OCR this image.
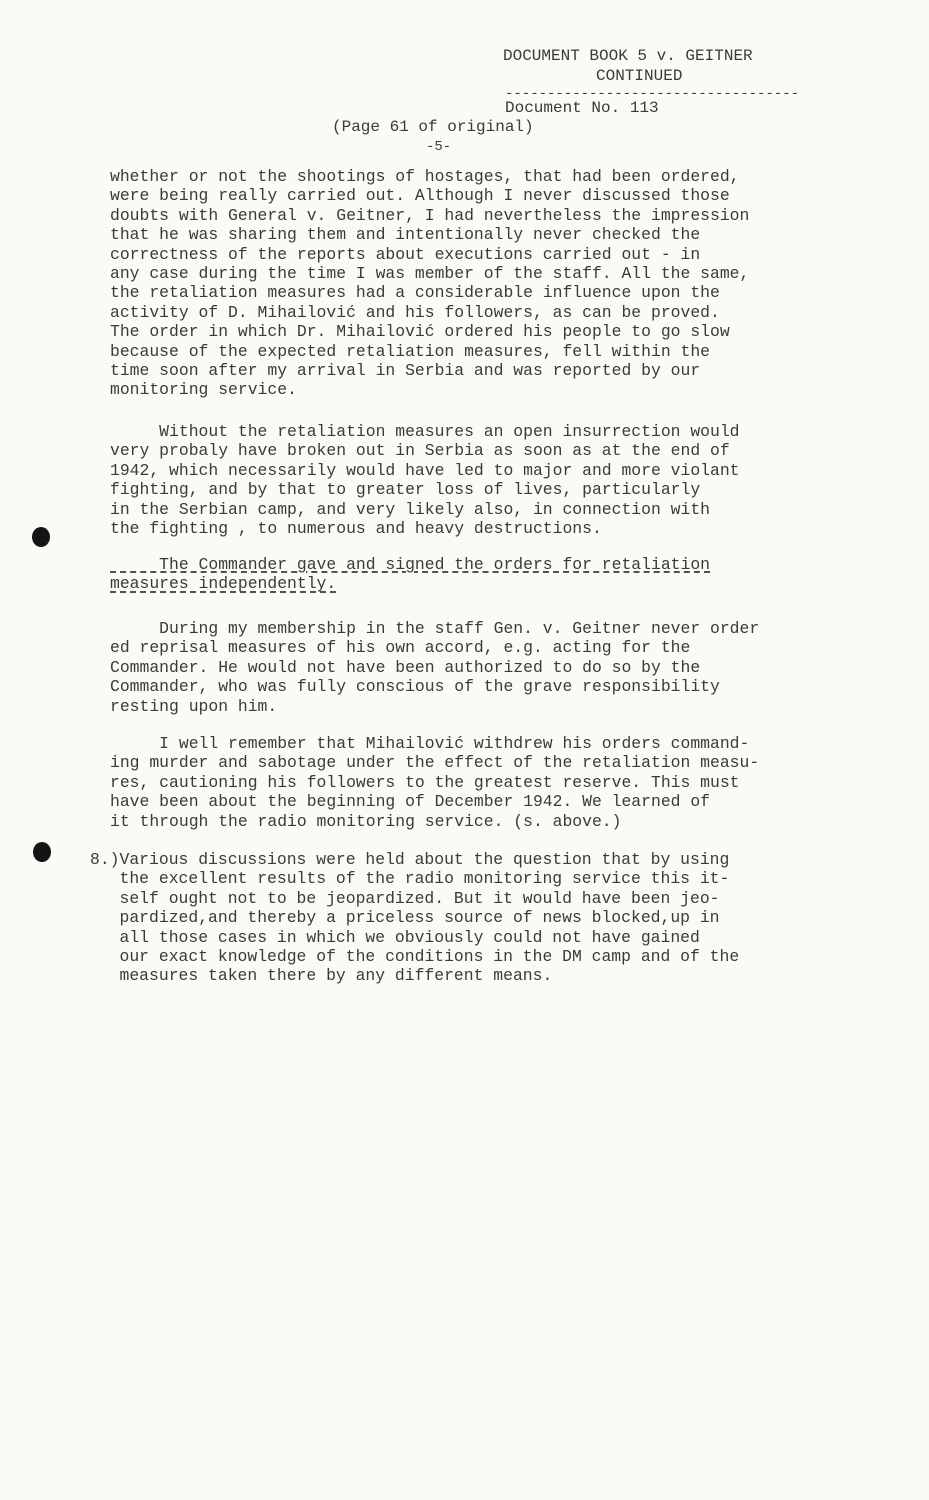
DOCUMENT BOOK 5 v. GEITNER
CONTINUED
-----------------------------------
Document No. 113
(Page 61 of original)
-5-
whether or not the shootings of hostages, that had been ordered,
were being really carried out. Although I never discussed those
doubts with General v. Geitner, I had nevertheless the impression
that he was sharing them and intentionally never checked the
correctness of the reports about executions carried out - in
any case during the time I was member of the staff. All the same,
the retaliation measures had a considerable influence upon the
activity of D. Mihailović and his followers, as can be proved.
The order in which Dr. Mihailović ordered his people to go slow
because of the expected retaliation measures, fell within the
time soon after my arrival in Serbia and was reported by our
monitoring service.
Without the retaliation measures an open insurrection would
very probaly have broken out in Serbia as soon as at the end of
1942, which necessarily would have led to major and more violant
fighting, and by that to greater loss of lives, particularly
in the Serbian camp, and very likely also, in connection with
the fighting , to numerous and heavy destructions.
The Commander gave and signed the orders for retaliation
measures independently.
During my membership in the staff Gen. v. Geitner never order
ed reprisal measures of his own accord, e.g. acting for the
Commander. He would not have been authorized to do so by the
Commander, who was fully conscious of the grave responsibility
resting upon him.
I well remember that Mihailović withdrew his orders command-
ing murder and sabotage under the effect of the retaliation measu-
res, cautioning his followers to the greatest reserve. This must
have been about the beginning of December 1942. We learned of
it through the radio monitoring service. (s. above.)
8.)Various discussions were held about the question that by using
the excellent results of the radio monitoring service this it-
self ought not to be jeopardized. But it would have been jeo-
pardized,and thereby a priceless source of news blocked,up in
all those cases in which we obviously could not have gained
our exact knowledge of the conditions in the DM camp and of the
measures taken there by any different means.
